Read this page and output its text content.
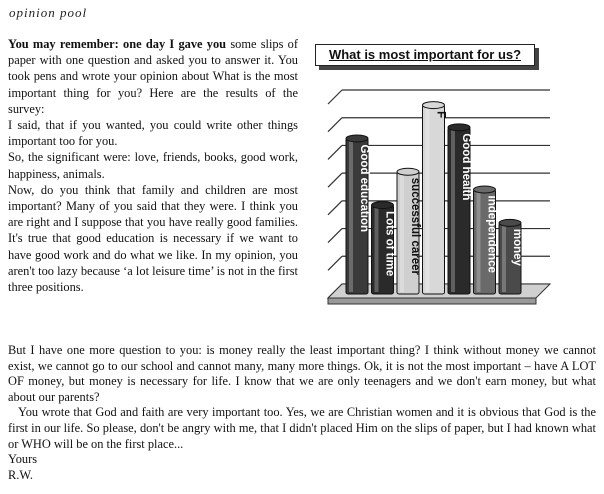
opinion pool

You may remember: one day I gave you some slips of paper with one question and asked you to answer it. You took pens and wrote your opinion about What is the most important thing for you? Here are the results of the survey:

I said, that if you wanted, you could write other things important too for you.

So, the significant were: love, friends, books, good work, happiness, animals.

Now, do you think that family and children are most important? Many of you said that they were. I think you are right and I suppose that you have really good families. It's true that good education is necessary if we want to have good work and do what we like. In my opinion, you aren't too lazy because ‘a lot leisure time’ is not in the first three positions.

What is most important for us?
Good education
Lots of time successful career
F
Good health
independence money

But I have one more question to you: is money really the least important thing? I think without money we cannot exist, we cannot go to our school and cannot many, many more things. Ok, it is not the most important – have A LOT OF money, but money is necessary for life. I know that we are only teenagers and we don't earn money, but what about our parents?

You wrote that God and faith are very important too. Yes, we are Christian women and it is obvious that God is the first in our life. So please, don't be angry with me, that I didn't placed Him on the slips of paper, but I had known what or WHO will be on the first place...

Yours

R.W.
